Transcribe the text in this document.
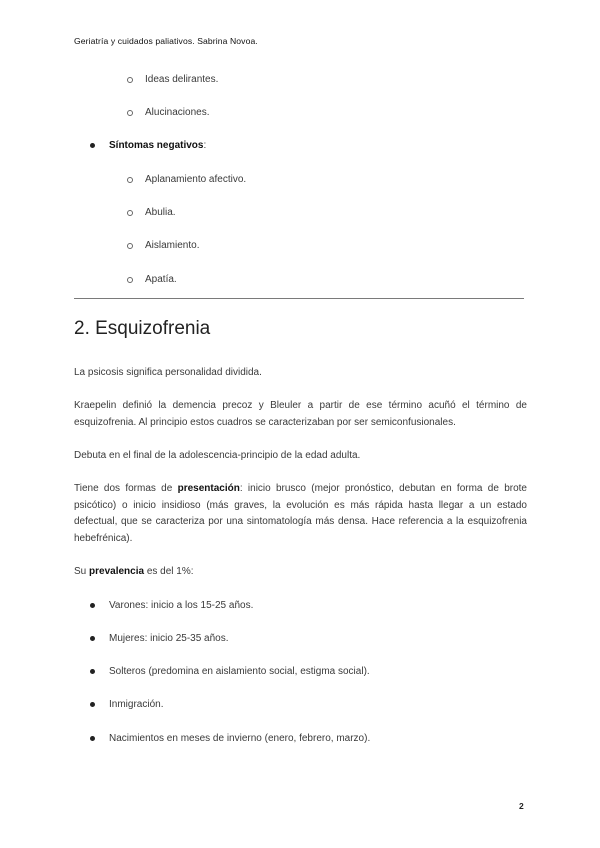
Geriatría y cuidados paliativos. Sabrina Novoa.
Ideas delirantes.
Alucinaciones.
Síntomas negativos :
Aplanamiento afectivo.
Abulia.
Aislamiento.
Apatía.
2. Esquizofrenia

La psicosis significa personalidad dividida.

Kraepelin definió la demencia precoz y Bleuler a partir de ese término acuñó el término de esquizofrenia. Al principio estos cuadros se caracterizaban por ser semiconfusionales.

Debuta en el final de la adolescencia-principio de la edad adulta.

Tiene dos formas de presentación: inicio brusco (mejor pronóstico, debutan en forma de brote psicótico) o inicio insidioso (más graves, la evolución es más rápida hasta llegar a un estado defectual, que se caracteriza por una sintomatología más densa. Hace referencia a la esquizofrenia hebefrénica).

Su prevalencia es del 1%:

Varones: inicio a los 15-25 años.
Mujeres: inicio 25-35 años.
Solteros (predomina en aislamiento social, estigma social).
Inmigración.
Nacimientos en meses de invierno (enero, febrero, marzo).
2
